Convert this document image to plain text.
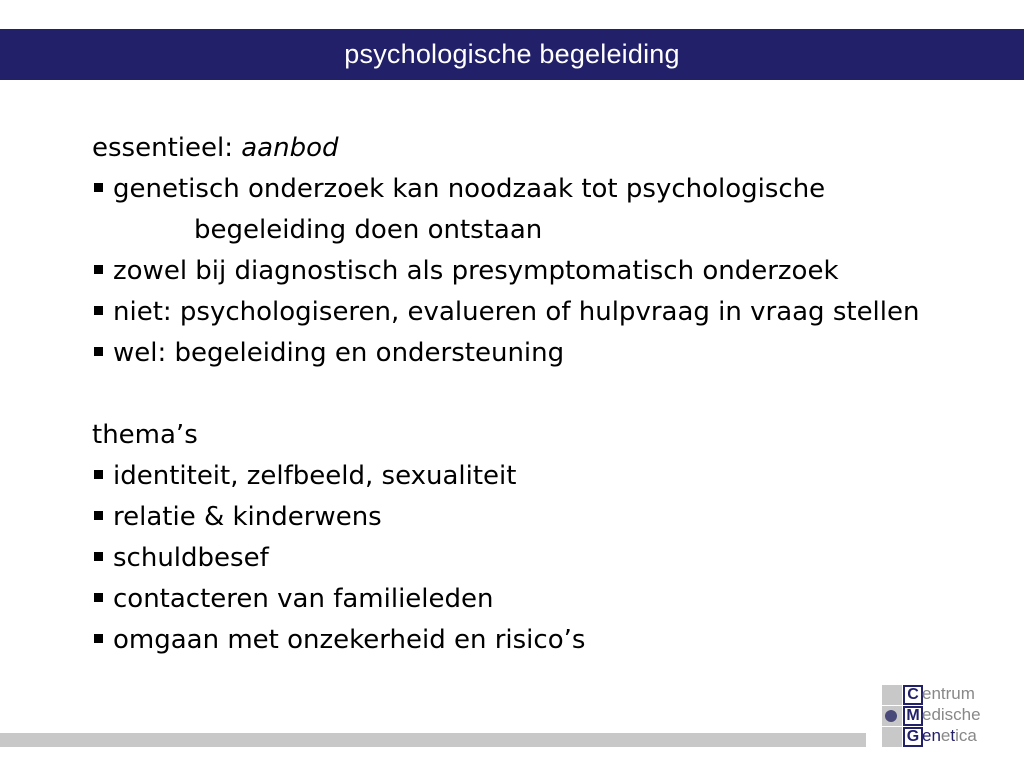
psychologische begeleiding
essentieel: aanbod
genetisch onderzoek kan noodzaak tot psychologische
begeleiding doen ontstaan
zowel bij diagnostisch als presymptomatisch onderzoek
niet: psychologiseren, evalueren of hulpvraag in vraag stellen
wel: begeleiding en ondersteuning
thema’s
identiteit, zelfbeeld, sexualiteit
relatie & kinderwens
schuldbesef
contacteren van familieleden
omgaan met onzekerheid en risico’s
C
M
G
entrum
edische
enetica
